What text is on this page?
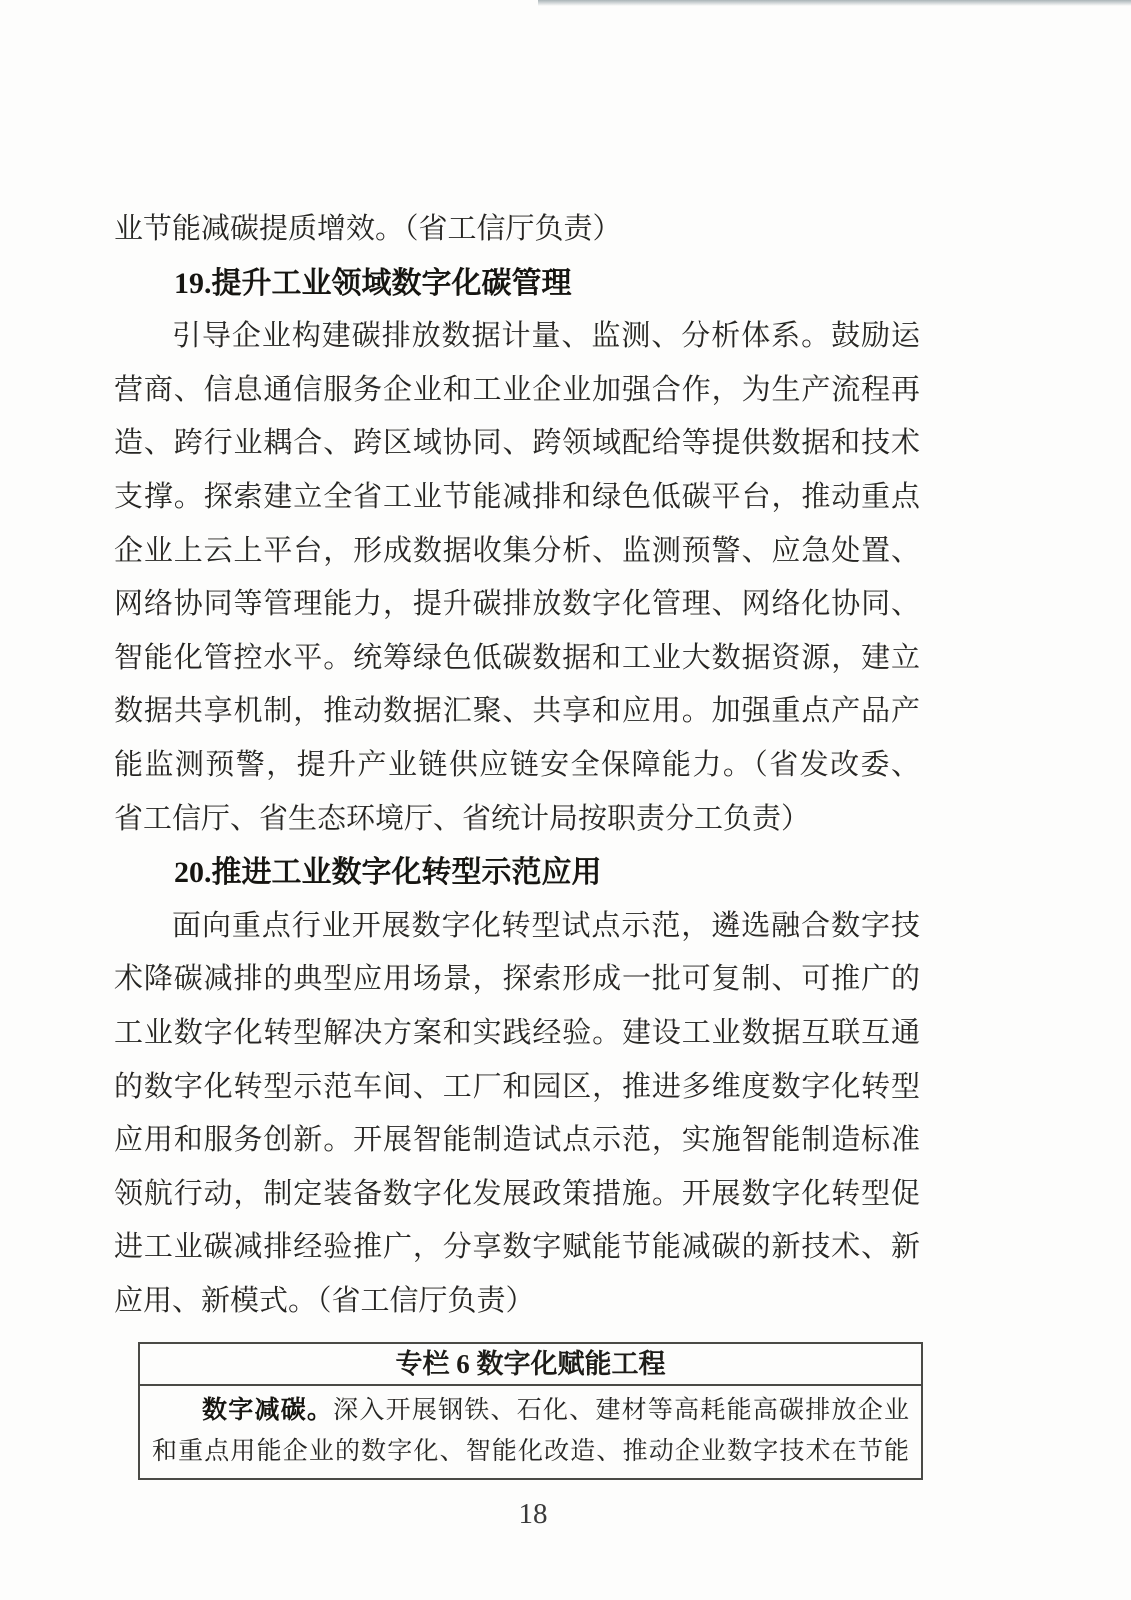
业节能减碳提质增效。（省工信厅负责）
19.提升工业领域数字化碳管理
引导企业构建碳排放数据计量、监测、分析体系。鼓励运
营商、信息通信服务企业和工业企业加强合作，为生产流程再
造、跨行业耦合、跨区域协同、跨领域配给等提供数据和技术
支撑。探索建立全省工业节能减排和绿色低碳平台，推动重点
企业上云上平台，形成数据收集分析、监测预警、应急处置、
网络协同等管理能力，提升碳排放数字化管理、网络化协同、
智能化管控水平。统筹绿色低碳数据和工业大数据资源，建立
数据共享机制，推动数据汇聚、共享和应用。加强重点产品产
能监测预警，提升产业链供应链安全保障能力。（省发改委、
省工信厅、省生态环境厅、省统计局按职责分工负责）
20.推进工业数字化转型示范应用
面向重点行业开展数字化转型试点示范，遴选融合数字技
术降碳减排的典型应用场景，探索形成一批可复制、可推广的
工业数字化转型解决方案和实践经验。建设工业数据互联互通
的数字化转型示范车间、工厂和园区，推进多维度数字化转型
应用和服务创新。开展智能制造试点示范，实施智能制造标准
领航行动，制定装备数字化发展政策措施。开展数字化转型促
进工业碳减排经验推广，分享数字赋能节能减碳的新技术、新
应用、新模式。（省工信厅负责）
专栏 6 数字化赋能工程
数字减碳。深入开展钢铁、石化、建材等高耗能高碳排放企业
和重点用能企业的数字化、智能化改造、推动企业数字技术在节能
18
